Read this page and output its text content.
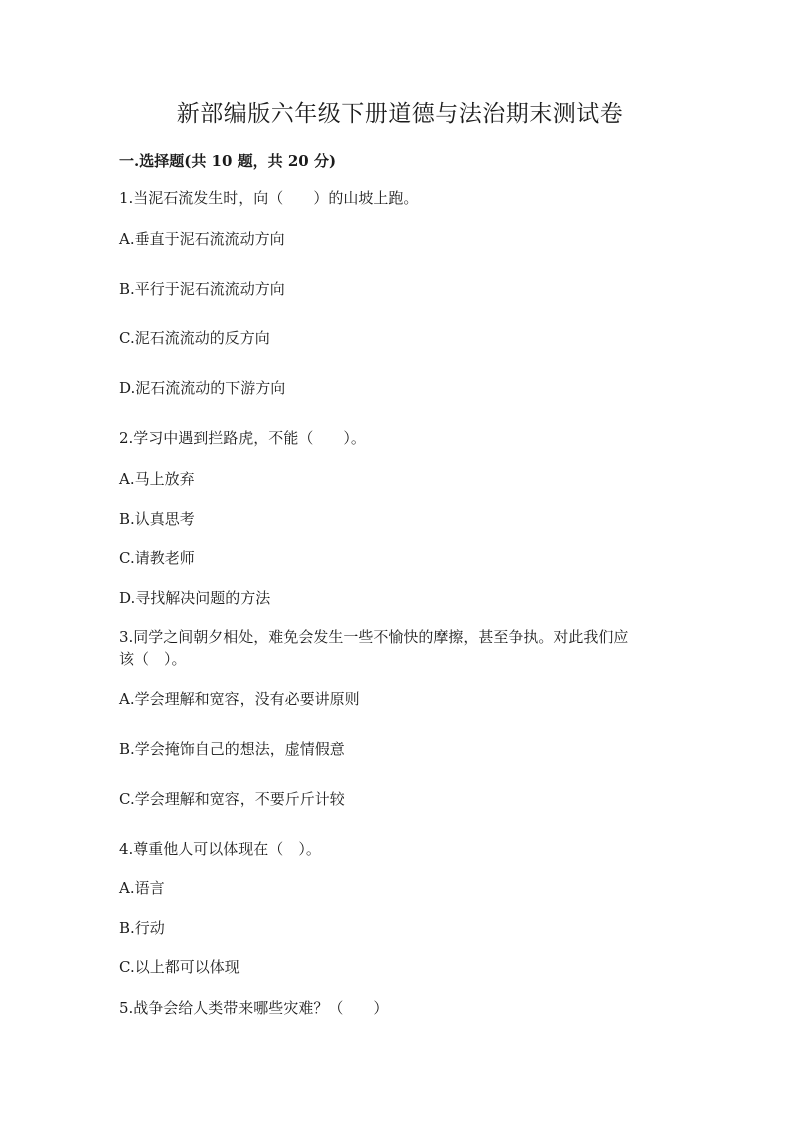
新部编版六年级下册道德与法治期末测试卷
一.选择题(共 10 题，共 20 分)
1.当泥石流发生时，向（　　）的山坡上跑。
A.垂直于泥石流流动方向
B.平行于泥石流流动方向
C.泥石流流动的反方向
D.泥石流流动的下游方向
2.学习中遇到拦路虎，不能（　　）。
A.马上放弃
B.认真思考
C.请教老师
D.寻找解决问题的方法
3.同学之间朝夕相处，难免会发生一些不愉快的摩擦，甚至争执。对此我们应
该（　）。
A.学会理解和宽容，没有必要讲原则
B.学会掩饰自己的想法，虚情假意
C.学会理解和宽容，不要斤斤计较
4.尊重他人可以体现在（　）。
A.语言
B.行动
C.以上都可以体现
5.战争会给人类带来哪些灾难？（　　）
